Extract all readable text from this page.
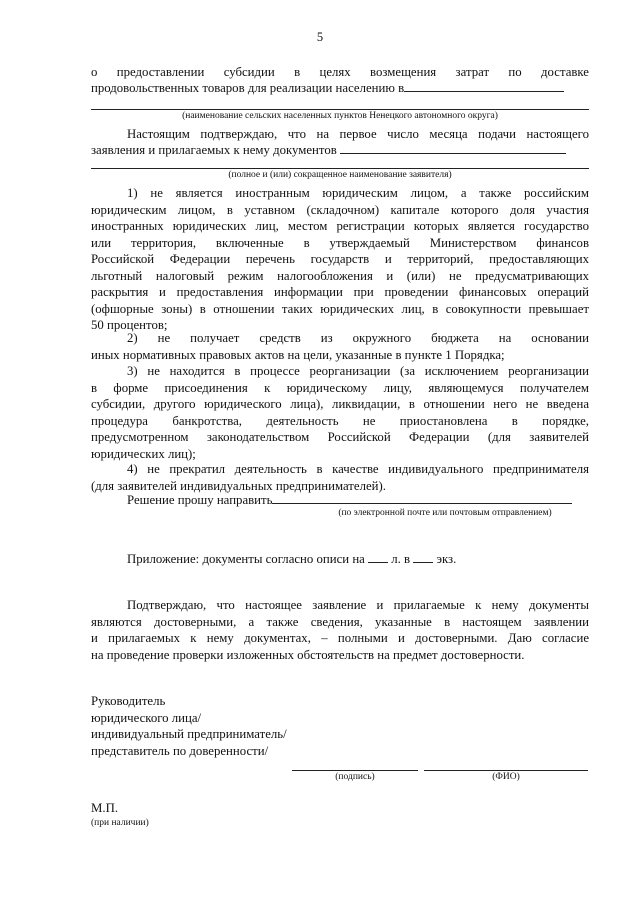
5
о предоставлении субсидии в целях возмещения затрат по доставке
продовольственных товаров для реализации населению в
(наименование сельских населенных пунктов Ненецкого автономного округа)
Настоящим подтверждаю, что на первое число месяца подачи настоящего
заявления и прилагаемых к нему документов
(полное и (или) сокращенное наименование заявителя)
1) не является иностранным юридическим лицом, а также российским
юридическим лицом, в уставном (складочном) капитале которого доля участия
иностранных юридических лиц, местом регистрации которых является государство
или территория, включенные в утверждаемый Министерством финансов
Российской Федерации перечень государств и территорий, предоставляющих
льготный налоговый режим налогообложения и (или) не предусматривающих
раскрытия и предоставления информации при проведении финансовых операций
(офшорные зоны) в отношении таких юридических лиц, в совокупности превышает
50 процентов;
2) не получает средств из окружного бюджета на основании
иных нормативных правовых актов на цели, указанные в пункте 1 Порядка;
3) не находится в процессе реорганизации (за исключением реорганизации
в форме присоединения к юридическому лицу, являющемуся получателем
субсидии, другого юридического лица), ликвидации, в отношении него не введена
процедура банкротства, деятельность не приостановлена в порядке,
предусмотренном законодательством Российской Федерации (для заявителей
юридических лиц);
4) не прекратил деятельность в качестве индивидуального предпринимателя
(для заявителей индивидуальных предпринимателей).
Решение прошу направить
(по электронной почте или почтовым отправлением)
Приложение: документы согласно описи на  л. в  экз.
Подтверждаю, что настоящее заявление и прилагаемые к нему документы
являются достоверными, а также сведения, указанные в настоящем заявлении
и прилагаемых к нему документах, – полными и достоверными. Даю согласие
на проведение проверки изложенных обстоятельств на предмет достоверности.
Руководитель
юридического лица/
индивидуальный предприниматель/
представитель по доверенности/
(подпись)	(ФИО)
М.П.
(при наличии)
